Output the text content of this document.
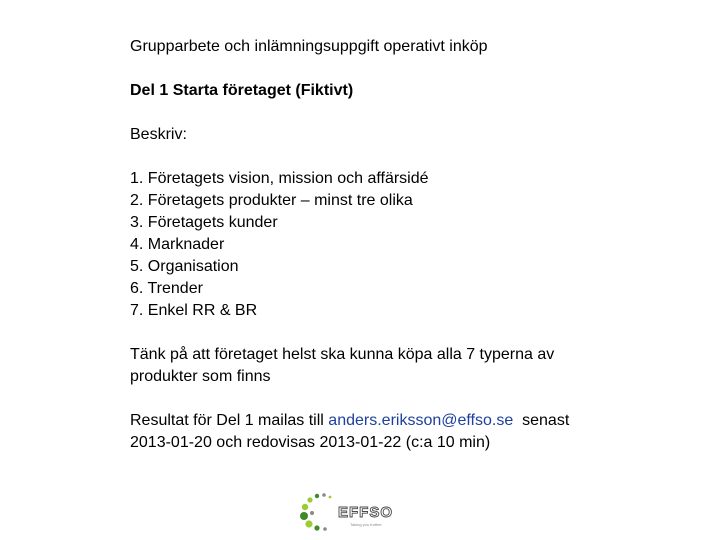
Grupparbete och inlämningsuppgift operativt inköp

Del 1 Starta företaget (Fiktivt)

Beskriv:

1. Företagets vision, mission och affärsidé
2. Företagets produkter – minst tre olika
3. Företagets kunder
4. Marknader
5. Organisation
6. Trender
7. Enkel RR & BR

Tänk på att företaget helst ska kunna köpa alla 7 typerna av produkter som finns

Resultat för Del 1 mailas till anders.eriksson@effso.se  senast

2013-01-20 och redovisas 2013-01-22 (c:a 10 min)

EFFSO
Taking you further
